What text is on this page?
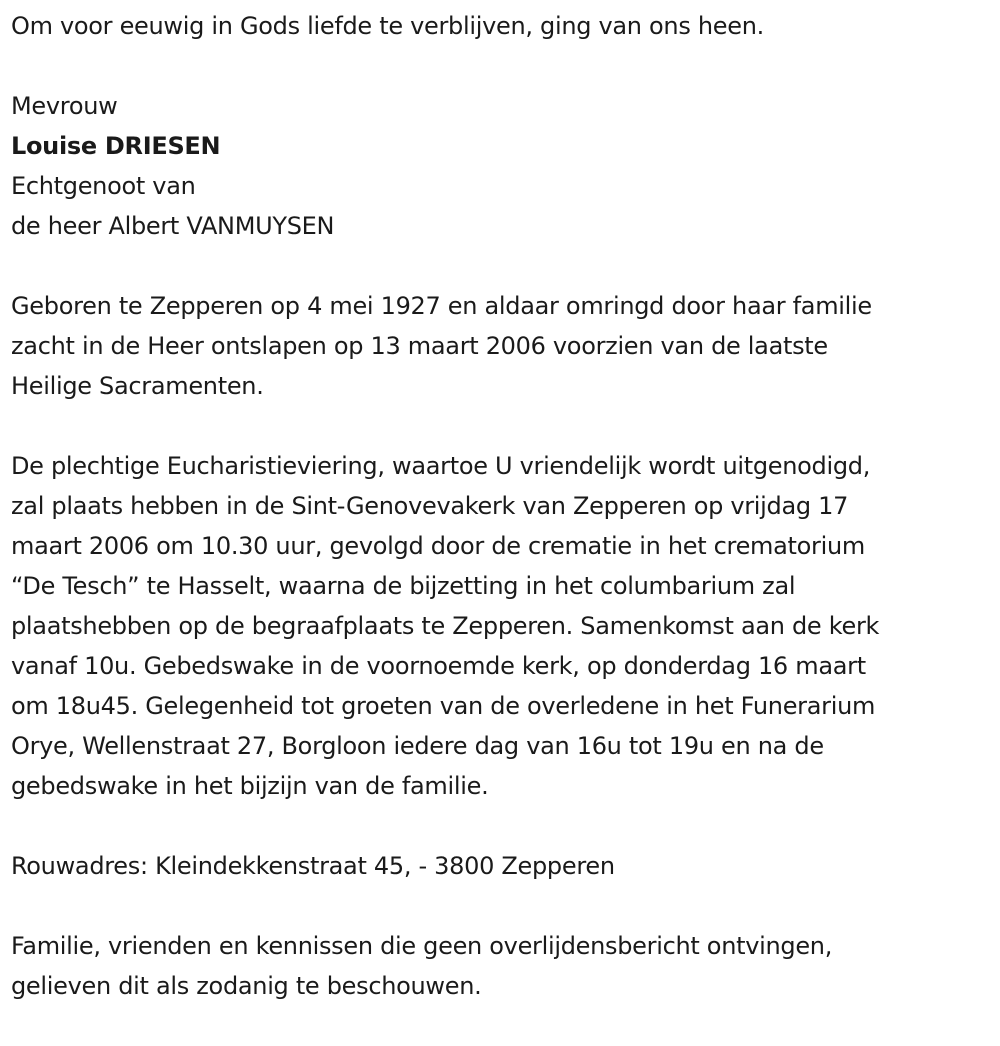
Om voor eeuwig in Gods liefde te verblijven, ging van ons heen.

Mevrouw

Louise DRIESEN

Echtgenoot van

de heer Albert VANMUYSEN

Geboren te Zepperen op 4 mei 1927 en aldaar omringd door haar familie

zacht in de Heer ontslapen op 13 maart 2006 voorzien van de laatste

Heilige Sacramenten.

De plechtige Eucharistieviering, waartoe U vriendelijk wordt uitgenodigd,

zal plaats hebben in de Sint-Genovevakerk van Zepperen op vrijdag 17

maart 2006 om 10.30 uur, gevolgd door de crematie in het crematorium

“De Tesch” te Hasselt, waarna de bijzetting in het columbarium zal

plaatshebben op de begraafplaats te Zepperen. Samenkomst aan de kerk

vanaf 10u. Gebedswake in de voornoemde kerk, op donderdag 16 maart

om 18u45. Gelegenheid tot groeten van de overledene in het Funerarium

Orye, Wellenstraat 27, Borgloon iedere dag van 16u tot 19u en na de

gebedswake in het bijzijn van de familie.

Rouwadres: Kleindekkenstraat 45, - 3800 Zepperen

Familie, vrienden en kennissen die geen overlijdensbericht ontvingen,

gelieven dit als zodanig te beschouwen.
